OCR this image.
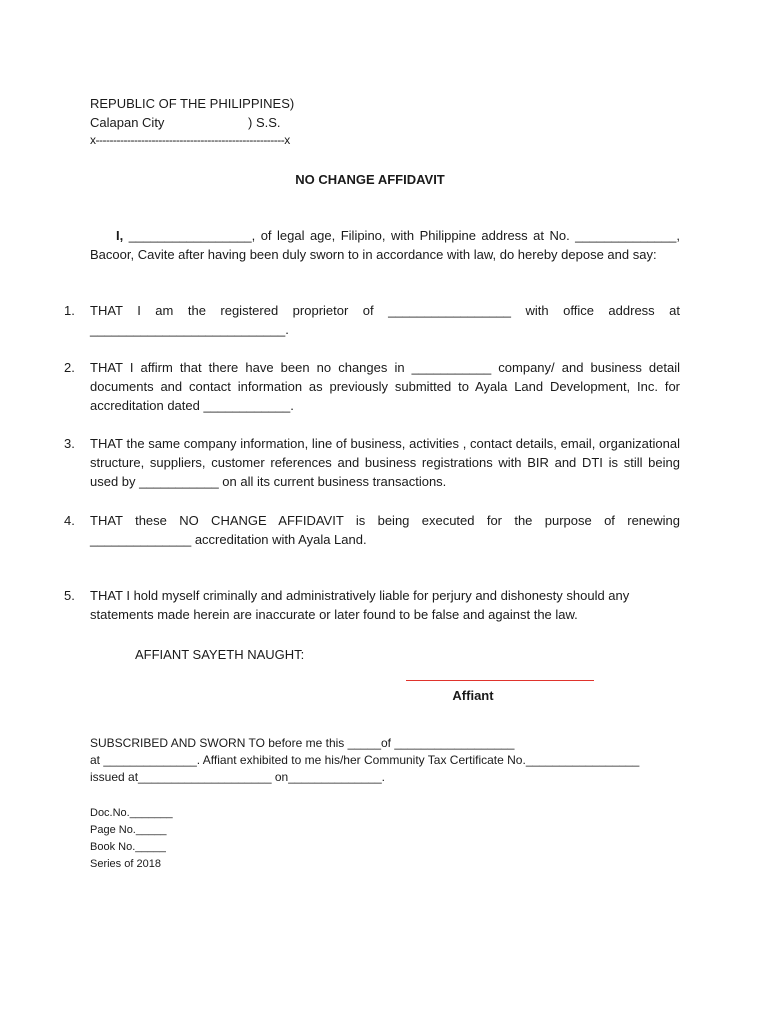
REPUBLIC OF THE PHILIPPINES)
Calapan City	) S.S.
x------------------------------------------------------x
NO CHANGE AFFIDAVIT
I, _________________, of legal age, Filipino, with Philippine address at No. ______________, Bacoor, Cavite after having been duly sworn to in accordance with law, do hereby depose and say:
1.	THAT I am the registered proprietor of _________________ with office address at ___________________________.
2.	THAT I affirm that there have been no changes in ___________ company/ and business detail documents and contact information as previously submitted to Ayala Land Development, Inc. for accreditation dated ____________.
3.	THAT the same company information, line of business, activities , contact details, email, organizational structure, suppliers, customer references and business registrations with BIR and DTI is still being used by ___________ on all its current business transactions.
4.	THAT these NO CHANGE AFFIDAVIT is being executed for the purpose of renewing ______________ accreditation with Ayala Land.
5.	THAT I hold myself criminally and administratively liable for perjury and dishonesty should any statements made herein are inaccurate or later found to be false and against the law.
AFFIANT SAYETH NAUGHT:
Affiant
SUBSCRIBED AND SWORN TO before me this _____of __________________
at ______________. Affiant exhibited to me his/her Community Tax Certificate No._________________
issued at____________________ on______________.
Doc.No._______
Page No._____
Book No._____
Series of 2018
